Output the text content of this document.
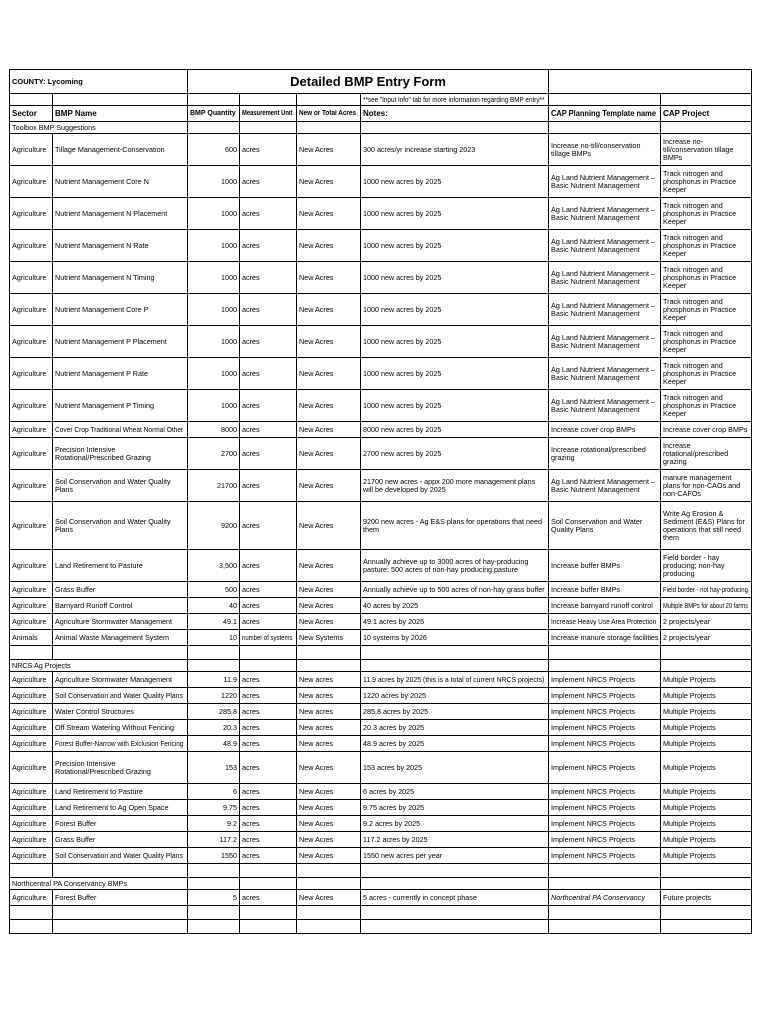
COUNTY: Lycoming		Detailed BMP Entry Form					
					**see "Input Info" tab for more information regarding BMP entry**		
Sector	BMP Name	BMP Quantity	Measurement Unit	New or Total Acres	Notes:	CAP Planning Template name	CAP Project
Toolbox BMP Suggestions							
Agriculture	Tillage Management-Conservation	600	acres	New Acres	300 acres/yr increase starting 2023	Increase no-till/conservation tillage BMPs	Increase no-till/conservation tillage BMPs
Agriculture	Nutrient Management Core N	1000	acres	New Acres	1000 new acres by 2025	Ag Land Nutrient Management – Basic Nutrient Management	Track nitrogen and phosphorus in Practice Keeper
Agriculture	Nutrient Management N Placement	1000	acres	New Acres	1000 new acres by 2025	Ag Land Nutrient Management – Basic Nutrient Management	Track nitrogen and phosphorus in Practice Keeper
Agriculture	Nutrient Management N Rate	1000	acres	New Acres	1000 new acres by 2025	Ag Land Nutrient Management – Basic Nutrient Management	Track nitrogen and phosphorus in Practice Keeper
Agriculture	Nutrient Management N Timing	1000	acres	New Acres	1000 new acres by 2025	Ag Land Nutrient Management – Basic Nutrient Management	Track nitrogen and phosphorus in Practice Keeper
Agriculture	Nutrient Management Core P	1000	acres	New Acres	1000 new acres by 2025	Ag Land Nutrient Management – Basic Nutrient Management	Track nitrogen and phosphorus in Practice Keeper
Agriculture	Nutrient Management P Placement	1000	acres	New Acres	1000 new acres by 2025	Ag Land Nutrient Management – Basic Nutrient Management	Track nitrogen and phosphorus in Practice Keeper
Agriculture	Nutrient Management P Rate	1000	acres	New Acres	1000 new acres by 2025	Ag Land Nutrient Management – Basic Nutrient Management	Track nitrogen and phosphorus in Practice Keeper
Agriculture	Nutrient Management P Timing	1000	acres	New Acres	1000 new acres by 2025	Ag Land Nutrient Management – Basic Nutrient Management	Track nitrogen and phosphorus in Practice Keeper
Agriculture	Cover Crop Traditional Wheat Normal Other	8000	acres	New Acres	8000 new acres by 2025	Increase cover crop BMPs	Increase cover crop BMPs
Agriculture	Precision Intensive Rotational/Prescribed Grazing	2700	acres	New Acres	2700 new acres by 2025	Increase rotational/prescribed grazing	Increase rotational/prescribed grazing
Agriculture	Soil Conservation and Water Quality Plans	21700	acres	New Acres	21700 new acres - appx 200 more management plans will be developed by 2025	Ag Land Nutrient Management – Basic Nutrient Management	manure management plans for non-CAOs and non-CAFOs
Agriculture	Soil Conservation and Water Quality Plans	9200	acres	New Acres	9200 new acres - Ag E&S plans for operations that need them	Soil Conservation and Water Quality Plans	Write Ag Erosion & Sediment (E&S) Plans for operations that still need them
Agriculture	Land Retirement to Pasture	3,500	acres	New Acres	Annually achieve up to 3000 acres of hay-producing pasture; 500 acres of non-hay producing pasture	Increase buffer BMPs	Field border - hay producing; non-hay producing
Agriculture	Grass Buffer	500	acres	New Acres	Annually achieve up to 500 acres of non-hay grass buffer	Increase buffer BMPs	Field border - not hay-producing
Agriculture	Barnyard Runoff Control	40	acres	New Acres	40 acres by 2025	Increase barnyard runoff control	Multiple BMPs for about 20 farms
Agriculture	Agriculture Stormwater Management	49.1	acres	New Acres	49.1 acres by 2025	Increase Heavy Use Area Protection	2 projects/year
Animals	Animal Waste Management System	10	number of systems	New Systems	10 systems by 2026	Increase manure storage facilities	2 projects/year

NRCS Ag Projects							
Agriculture	Agriculture Stormwater Management	11.9	acres	New acres	11.9 acres by 2025 (this is a total of current NRCS projects)	Implement NRCS Projects	Multiple Projects
Agriculture	Soil Conservation and Water Quality Plans	1220	acres	New acres	1220 acres by 2025	Implement NRCS Projects	Multiple Projects
Agriculture	Water Control Structures	285.8	acres	New acres	285.8 acres by 2025	Implement NRCS Projects	Multiple Projects
Agriculture	Off Stream Watering Without Fencing	20.3	acres	New acres	20.3 acres by 2025	Implement NRCS Projects	Multiple Projects
Agriculture	Forest Buffer-Narrow with Exclusion Fencing	48.9	acres	New acres	48.9 acres by 2025	Implement NRCS Projects	Multiple Projects
Agriculture	Precision Intensive Rotational/Prescribed Grazing	153	acres	New Acres	153 acres by 2025	Implement NRCS Projects	Multiple Projects
Agriculture	Land Retirement to Pasture	6	acres	New Acres	6 acres by 2025	Implement NRCS Projects	Multiple Projects
Agriculture	Land Retirement to Ag Open Space	9.75	acres	New Acres	9.75 acres by 2025	Implement NRCS Projects	Multiple Projects
Agriculture	Forest Buffer	9.2	acres	New Acres	9.2 acres by 2025	Implement NRCS Projects	Multiple Projects
Agriculture	Grass Buffer	117.2	acres	New Acres	117.2 acres by 2025	Implement NRCS Projects	Multiple Projects
Agriculture	Soil Conservation and Water Quality Plans	1550	acres	New Acres	1550 new acres per year	Implement NRCS Projects	Multiple Projects

Northcentral PA Conservancy BMPs							
Agriculture	Forest Buffer	5	acres	New Acres	5 acres - currently in concept phase	Northcentral PA Conservancy	Future projects
